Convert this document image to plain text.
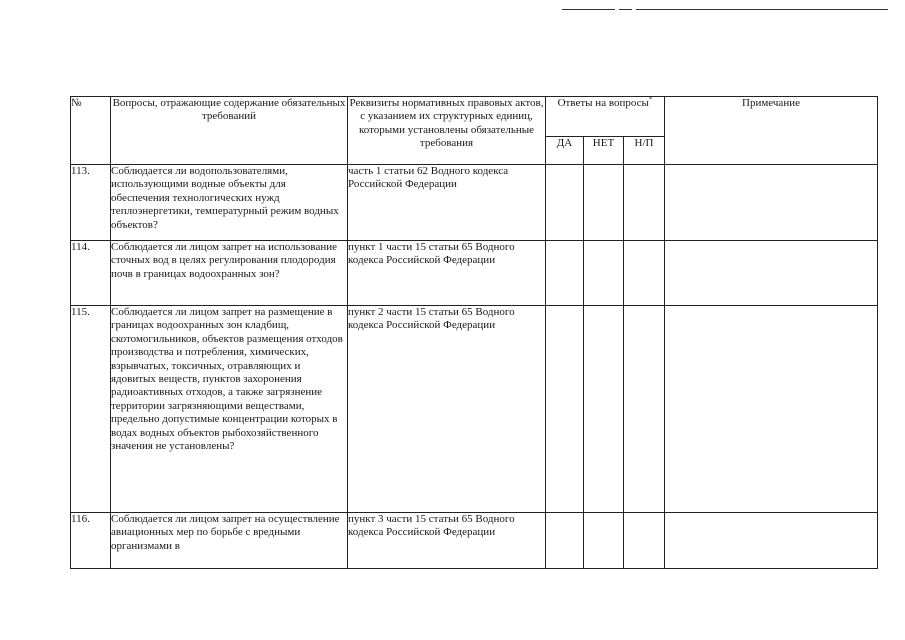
№	Вопросы, отражающие содержание обязательных требований	Реквизиты нормативных правовых актов, с указанием их структурных единиц, которыми установлены обязательные требования	Ответы на вопросы*			Примечание
			ДА	НЕТ	Н/П	
113.	Соблюдается ли водопользователями, использующими водные объекты для обеспечения технологических нужд теплоэнергетики, температурный режим водных объектов?	часть 1 статьи 62 Водного кодекса Российской Федерации				
114.	Соблюдается ли лицом запрет на использование сточных вод в целях регулирования плодородия почв в границах водоохранных зон?	пункт 1 части 15 статьи 65 Водного кодекса Российской Федерации				
115.	Соблюдается ли лицом запрет на размещение в границах водоохранных зон кладбищ, скотомогильников, объектов размещения отходов производства и потребления, химических, взрывчатых, токсичных, отравляющих и ядовитых веществ, пунктов захоронения радиоактивных отходов, а также загрязнение территории загрязняющими веществами, предельно допустимые концентрации которых в водах водных объектов рыбохозяйственного значения не установлены?	пункт 2 части 15 статьи 65 Водного кодекса Российской Федерации				
116.	Соблюдается ли лицом запрет на осуществление авиационных мер по борьбе с вредными организмами в	пункт 3 части 15 статьи 65 Водного кодекса Российской Федерации				
